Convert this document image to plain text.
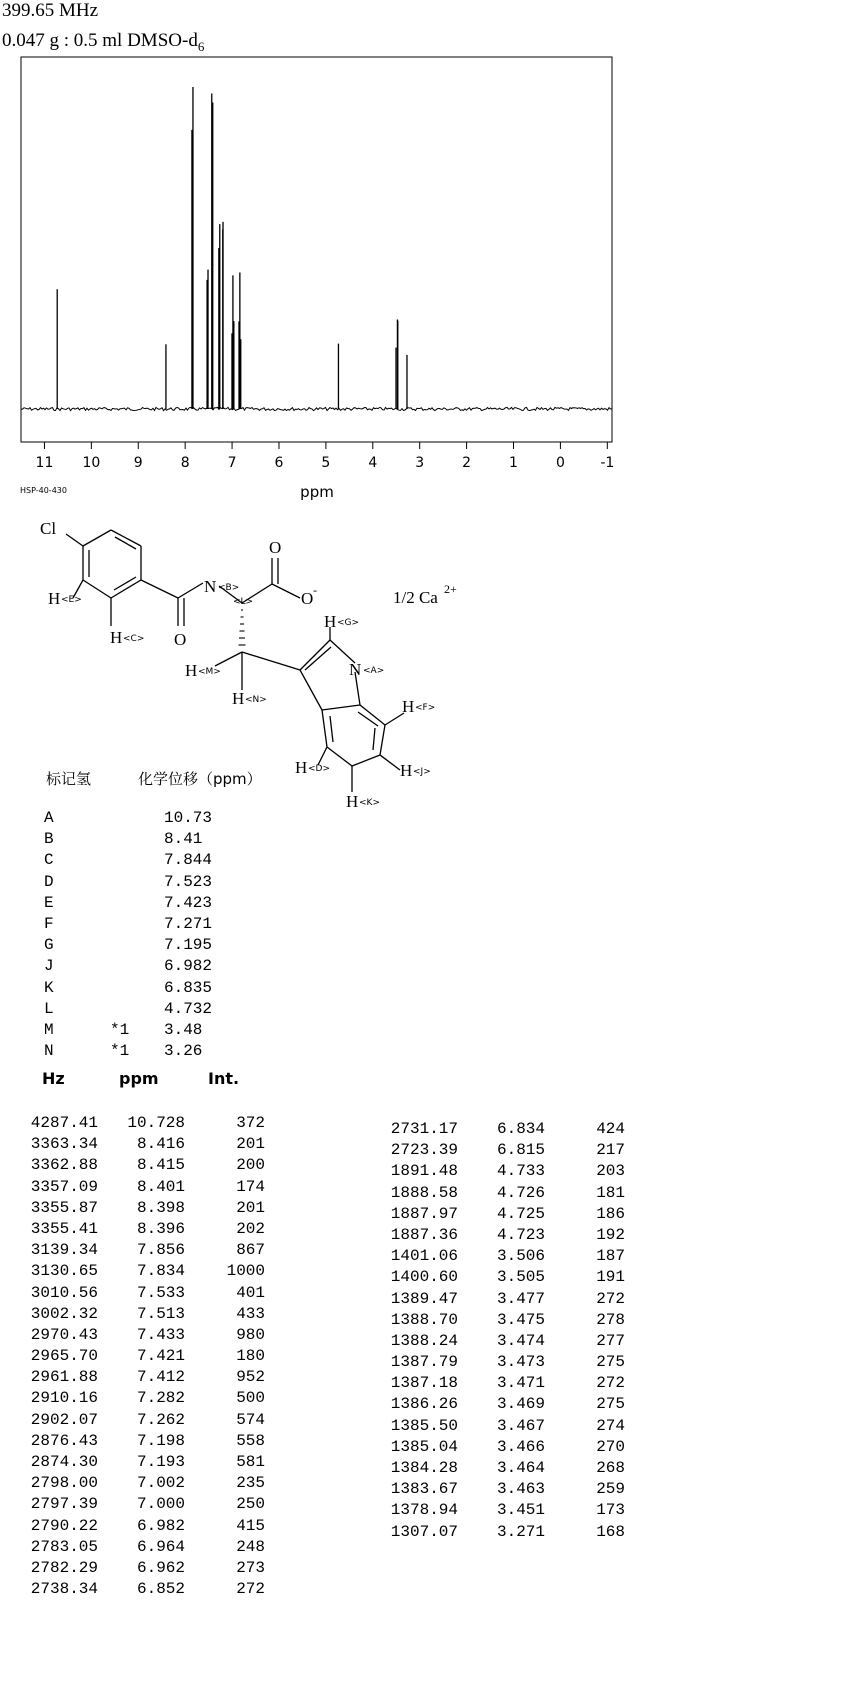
399.65 MHz
0.047 g : 0.5 ml DMSO-$d_6$
11 10 9	8	7	6	5	4	3	2	1	0	-1
ppm
HSP-40-430
Cl
N
O
O
O
N
1/2 Ca
H
H
H
H
H
H
H	H
H
-	2+
<E>
<C>
<B>
<L>
<M>
<N>
<G>
<A>
<F>
<D>	<J>
<K>
标记氢	化学位移（ppm）
A	10.73
B	8.41
C	7.844
D	7.523
E	7.423
F	7.271
G	7.195
J	6.982
K	6.835
L	4.732
M	*1 3.48
N	*1 3.26
Hz	ppm	Int.
4287.41	10.728	372
3363.34	8.416	201
3362.88	8.415	200
3357.09	8.401	174
3355.87	8.398	201
3355.41	8.396	202
3139.34	7.856	867
3130.65	7.834	1000
3010.56	7.533	401
3002.32	7.513	433
2970.43	7.433	980
2965.70	7.421	180
2961.88	7.412	952
2910.16	7.282	500
2902.07	7.262	574
2876.43	7.198	558
2874.30	7.193	581
2798.00	7.002	235
2797.39	7.000	250
2790.22	6.982	415
2783.05	6.964	248
2782.29	6.962	273
2738.34	6.852	272
2731.17	6.834	424
2723.39	6.815	217
1891.48	4.733	203
1888.58	4.726	181
1887.97	4.725	186
1887.36	4.723	192
1401.06	3.506	187
1400.60	3.505	191
1389.47	3.477	272
1388.70	3.475	278
1388.24	3.474	277
1387.79	3.473	275
1387.18	3.471	272
1386.26	3.469	275
1385.50	3.467	274
1385.04	3.466	270
1384.28	3.464	268
1383.67	3.463	259
1378.94	3.451	173
1307.07	3.271	168
